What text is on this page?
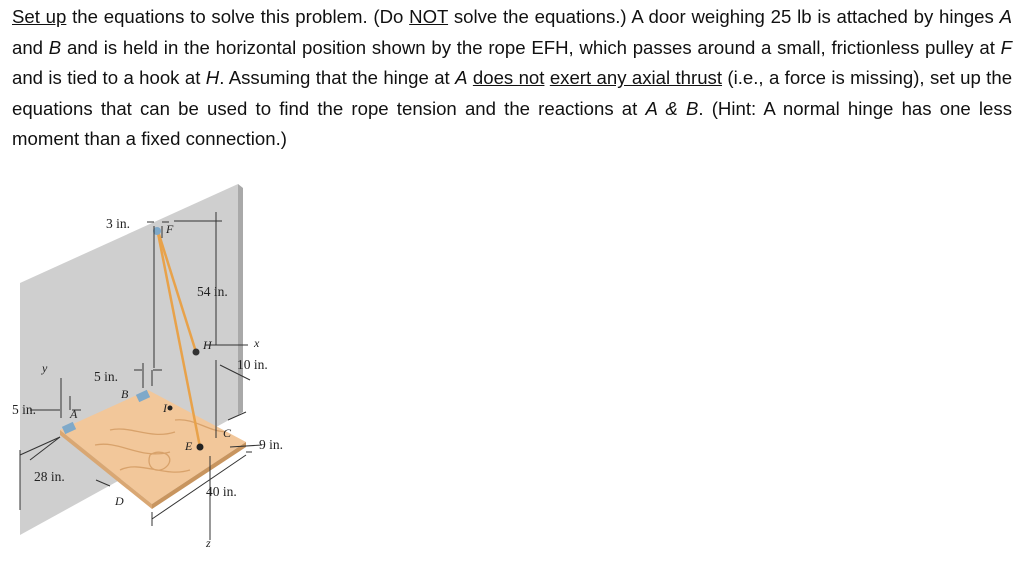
Set up the equations to solve this problem. (Do NOT solve the equations.) A door weighing 25 lb is attached by hinges A and B and is held in the horizontal position shown by the rope EFH, which passes around a small, frictionless pulley at F and is tied to a hook at H. Assuming that the hinge at A does not exert any axial thrust (i.e., a force is missing), set up the equations that can be used to find the rope tension and the reactions at A & B. (Hint: A normal hinge has one less moment than a fixed connection.)
3 in.
54 in.
10 in.
5 in.
5 in.
28 in.
40 in.
9 in.
F
H
B
A	I
E
C
D
x
y
z
